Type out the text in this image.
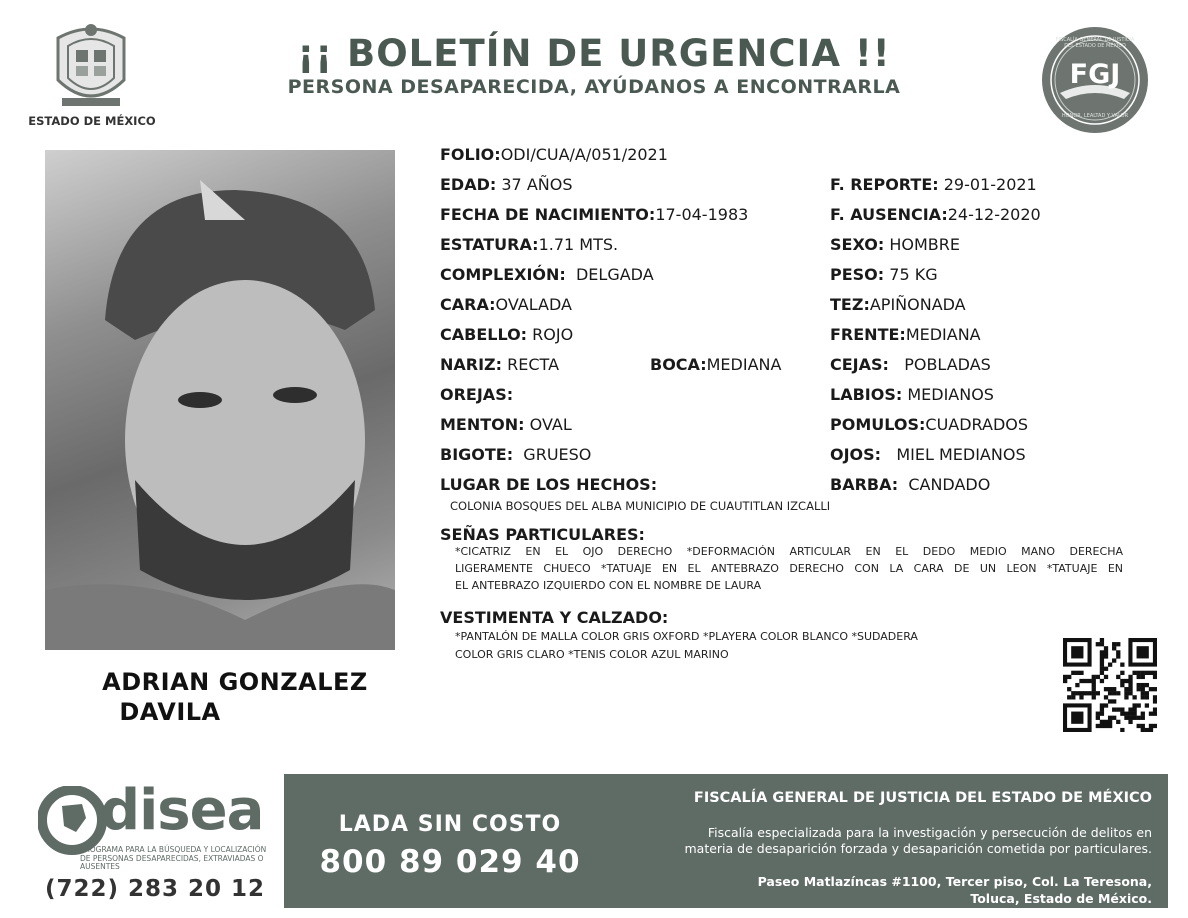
ESTADO DE MÉXICO
¡¡ BOLETÍN DE URGENCIA !!
PERSONA DESAPARECIDA, AYÚDANOS A ENCONTRARLA	FGJ
FISCALÍA GENERAL DE JUSTICIA DEL ESTADO DE MÉXICO
HONOR, LEALTAD Y VALOR
ADRIAN GONZALEZ
DAVILA
FOLIO:ODI/CUA/A/051/2021
EDAD: 37 AÑOS
FECHA DE NACIMIENTO:17-04-1983
ESTATURA:1.71 MTS.
COMPLEXIÓN: DELGADA
CARA:OVALADA
CABELLO: ROJO
NARIZ: RECTA	BOCA:MEDIANA
OREJAS:
MENTON: OVAL
BIGOTE: GRUESO
LUGAR DE LOS HECHOS:
COLONIA BOSQUES DEL ALBA MUNICIPIO DE CUAUTITLAN IZCALLI
F. REPORTE: 29-01-2021
F. AUSENCIA:24-12-2020
SEXO: HOMBRE
PESO: 75 KG
TEZ:APIÑONADA
FRENTE:MEDIANA
CEJAS: POBLADAS
LABIOS: MEDIANOS
POMULOS:CUADRADOS
OJOS: MIEL MEDIANOS
BARBA: CANDADO
SEÑAS PARTICULARES:
*CICATRIZ EN EL OJO DERECHO *DEFORMACIÓN ARTICULAR EN EL DEDO MEDIO MANO DERECHA
LIGERAMENTE CHUECO *TATUAJE EN EL ANTEBRAZO DERECHO CON LA CARA DE UN LEON *TATUAJE EN
EL ANTEBRAZO IZQUIERDO CON EL NOMBRE DE LAURA
VESTIMENTA Y CALZADO:
*PANTALÓN DE MALLA COLOR GRIS OXFORD *PLAYERA COLOR BLANCO *SUDADERA
COLOR GRIS CLARO *TENIS COLOR AZUL MARINO
disea
PROGRAMA PARA LA BÚSQUEDA Y LOCALIZACIÓN
DE PERSONAS DESAPARECIDAS, EXTRAVIADAS O
AUSENTES
(722) 283 20 12
LADA SIN COSTO
800 89 029 40
FISCALÍA GENERAL DE JUSTICIA DEL ESTADO DE MÉXICO
Fiscalía especializada para la investigación y persecución de delitos en
materia de desaparición forzada y desaparición cometida por particulares.
Paseo Matlazíncas #1100, Tercer piso, Col. La Teresona,
Toluca, Estado de México.
